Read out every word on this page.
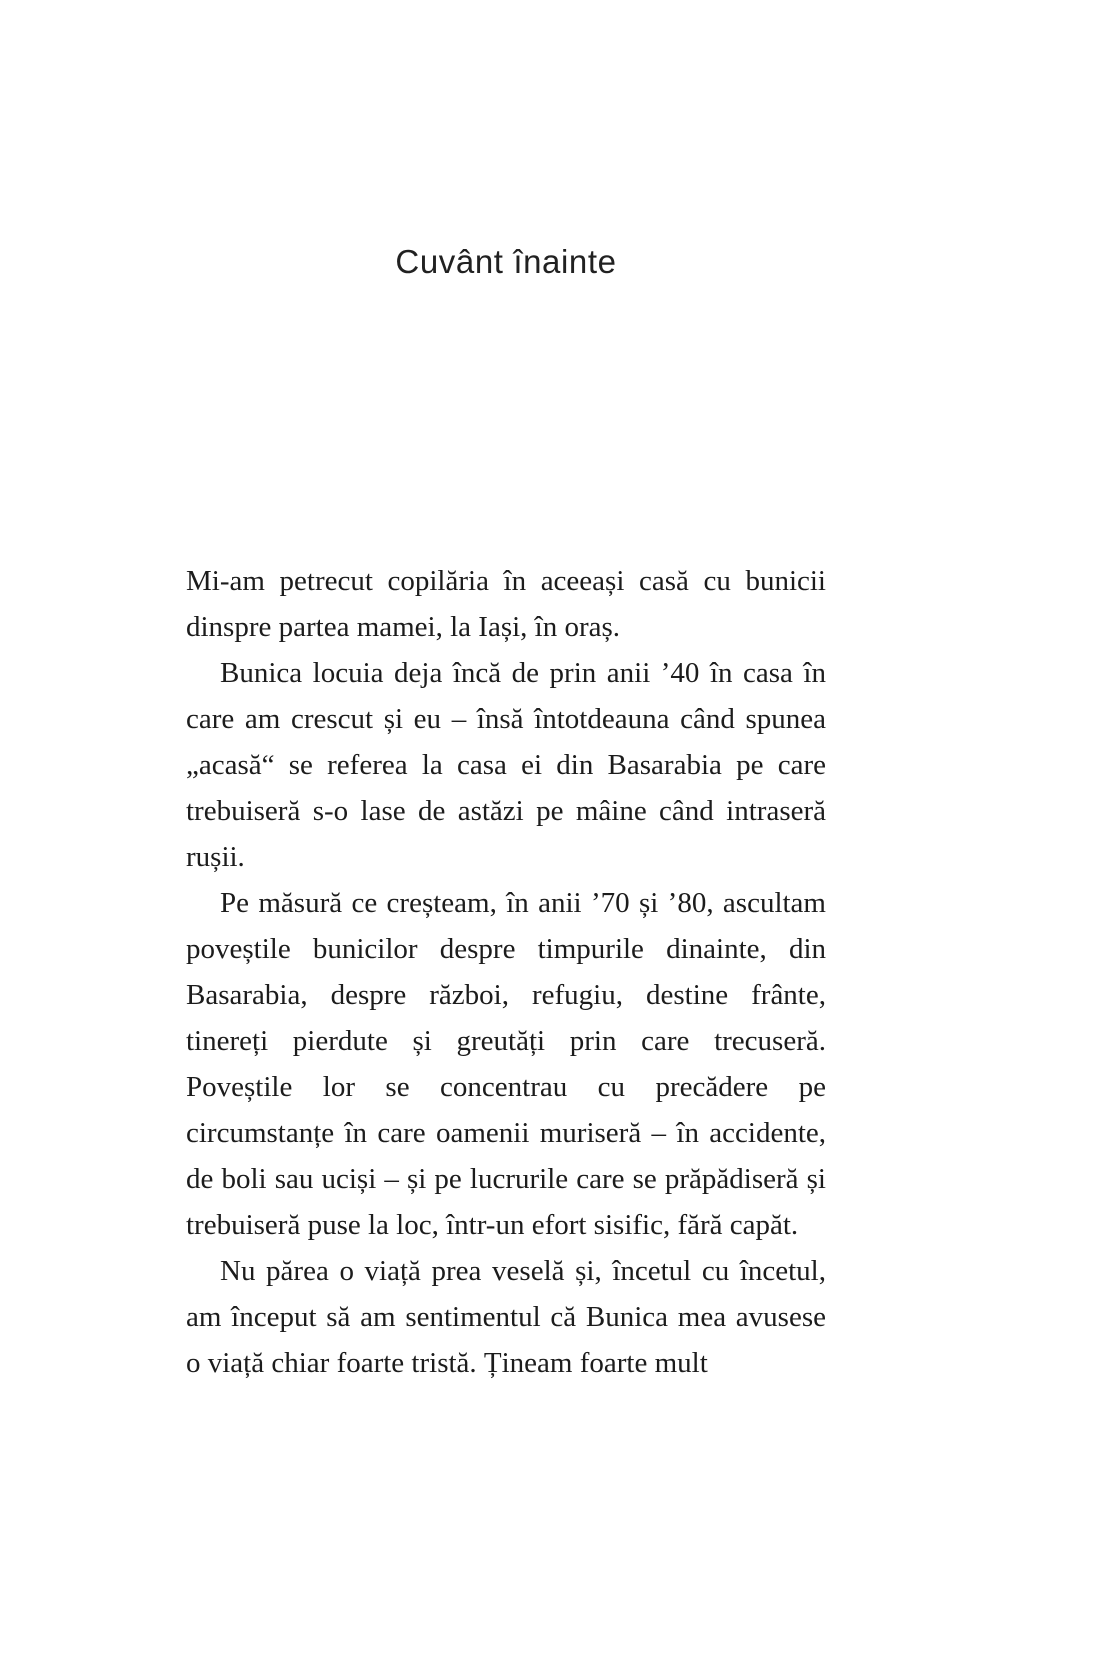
Cuvânt înainte

Mi-am petrecut copilăria în aceeași casă cu bunicii dinspre partea mamei, la Iași, în oraș.

Bunica locuia deja încă de prin anii ’40 în casa în care am crescut și eu – însă întotdeauna când spunea „acasă“ se referea la casa ei din Basarabia pe care trebuiseră s-o lase de astăzi pe mâine când intraseră rușii.

Pe măsură ce creșteam, în anii ’70 și ’80, ascultam poveștile bunicilor despre timpurile dinainte, din Basarabia, despre război, refugiu, destine frânte, tinereți pierdute și greutăți prin care trecuseră. Poveștile lor se concentrau cu precădere pe circumstanțe în care oamenii muriseră – în accidente, de boli sau uciși – și pe lucrurile care se prăpădiseră și trebuiseră puse la loc, într-un efort sisific, fără capăt.

Nu părea o viață prea veselă și, încetul cu încetul, am început să am sentimentul că Bunica mea avusese o viață chiar foarte tristă. Țineam foarte mult
